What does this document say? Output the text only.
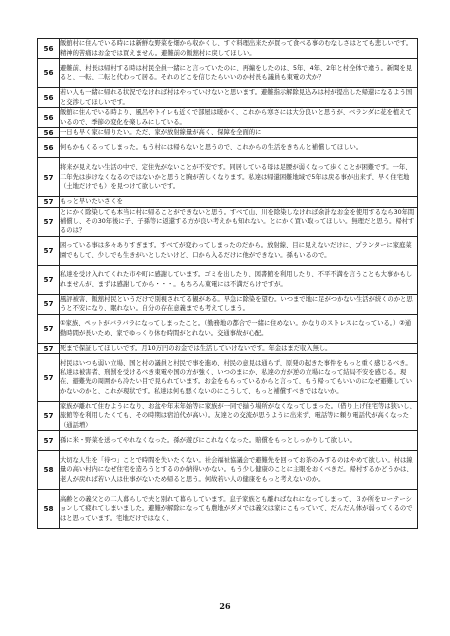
56	飯舘村に住んでいる時には新鮮な野菜を畑から収かくし、すぐ料理出来たが買って食べる事のむなしさはとても悲しいです。精神的苦痛はお金では買えません。避難前の飯舘村に戻してほしい。
56	避難前、村長は帰村する時は村民全員一緒にと言っていたのに、再編をしたのは、5年、4年、2年と村全体で違う。新聞を見ると、一転、二転と代わって居る。それのどこを信じたらいいのか村長も議員も東電の犬か？
56	若い人も一緒に帰れる状況でなければ村はやっていけないと思います。避難指示解除見込みは村が提出した帰還になるよう国と交渉してほしいです。
56	飯舘に住んでいる時より、風呂やトイレも近くで部屋は暖かく、これから寒さには大分良いと思うが、ベランダに花を植えているので、季節の変化を楽しみにしている。
56	一日も早く家に帰りたい。ただ、家が放射線量が高く、保障を全面的に
56	何もかもくるってしまった。もう村には帰らないと思うので、これからの生活をきちんと補償してほしい。
57	将来が見えない生活の中で、定住先がないことが不安です。同居している母は足腰が弱くなって歩くことが困難です。一年、二年先は歩けなくなるのではないかと思うと胸が苦しくなります。私達は帰還困難地域で5年は戻る事が出来ず、早く住宅地（土地だけでも）を見つけて欲しいです。
57	もっと早いたいさくを
57	とにかく除染しても本当に村に帰ることができないと思う。すべて山、川を除染しなければ余計なお金を使用するなら30年間補償し、その30年後に子、子孫等に返還する方が良い考えかも知れない。とにかく買い取ってほしい。無理だと思う。帰村するのは？
57	困っている事は多々ありすぎます。すべてが変わってしまったのだから。放射線、目に見えないだけに、プランターに家庭菜園でもして、少しでも生きがいとしたいけど、口から入るだけに他ができない。孫もいるので。
57	私達を受け入れてくれた市や町に感謝しています。ゴミを出したり、図書館を利用したり、不平不満を言うことも大事かもしれませんが、まずは感謝してから・・・。もちろん東電には不満だらけですが。
57	風評被害、飯舘村民というだけで別視されてる観がある。早急に除染を望む。いつまで地に足がつかない生活が続くのかと思うと不安になり、眠れない。自分の存在意義までも考えてしまう。
57	①家族、ペットがバラバラになってしまったこと。（勤務地の都合で一緒に住めない。かなりのストレスになっている。）②通勤時間が長いため、家でゆっくり休む時間がとれない。交通事故が心配。
57	死まで保証してほしいです。月10万円のお金では生活していけないです。年金はまだ収入無し。
57	村民はいつも弱い立場、国と村の議員と村民で事を進め、村民の意見は通らず、原発の起きた事件をもっと重く感じるべき。私達は被害者、刑罰を受けるべき東電や国の方が強く、いつのまにか、私達の方が逆の立場になって結局不安を感じる。現在、避難先の周囲から冷たい目で見られています。お金をもらっているからと言って、もう帰ってもいいのになぜ避難していかないのかと、これが現状です。私達は何も悪くないのにこうして、もっと補償すべきではないか。
57	家族が離れて住むようになり、お盆や年末年始等に家族が一同で揃う場所がなくなってしまった。（借り上げ住宅等は狭いし、旅館等を利用したくても、その時期は宿泊代が高い）。友達との交流が思うように出来ず、電話等に頼り電話代が高くなった（通話増）
57	孫に米・野菜を送ってやれなくなった。孫が遊びにこれなくなった。賠償をもっとしっかりして欲しい。
58	大切な人生を「待つ」ことで時間を失いたくない。社会福祉協議会で避難先を回ってお茶のみするのはやめて欲しい。村は線量の高い村内になぜ住宅を造ろうとするのか納得いかない。もう少し健康のことに主眼をおくべきだ。帰村するかどうかは、老人が戻れば若い人は仕事がないため帰ると思う。何故若い人の健康をもっと考えないのか。
58	高齢との義父との二人暮らしで夫と別れて暮らしています。息子家族とも離ればなれになってしまって、３か所をローテーションして疲れてしまいました。避難が解除になっても農地がダメでは義父は家にこもっていて、だんだん体が弱ってくるのではと思っています。宅地だけではなく、
26
